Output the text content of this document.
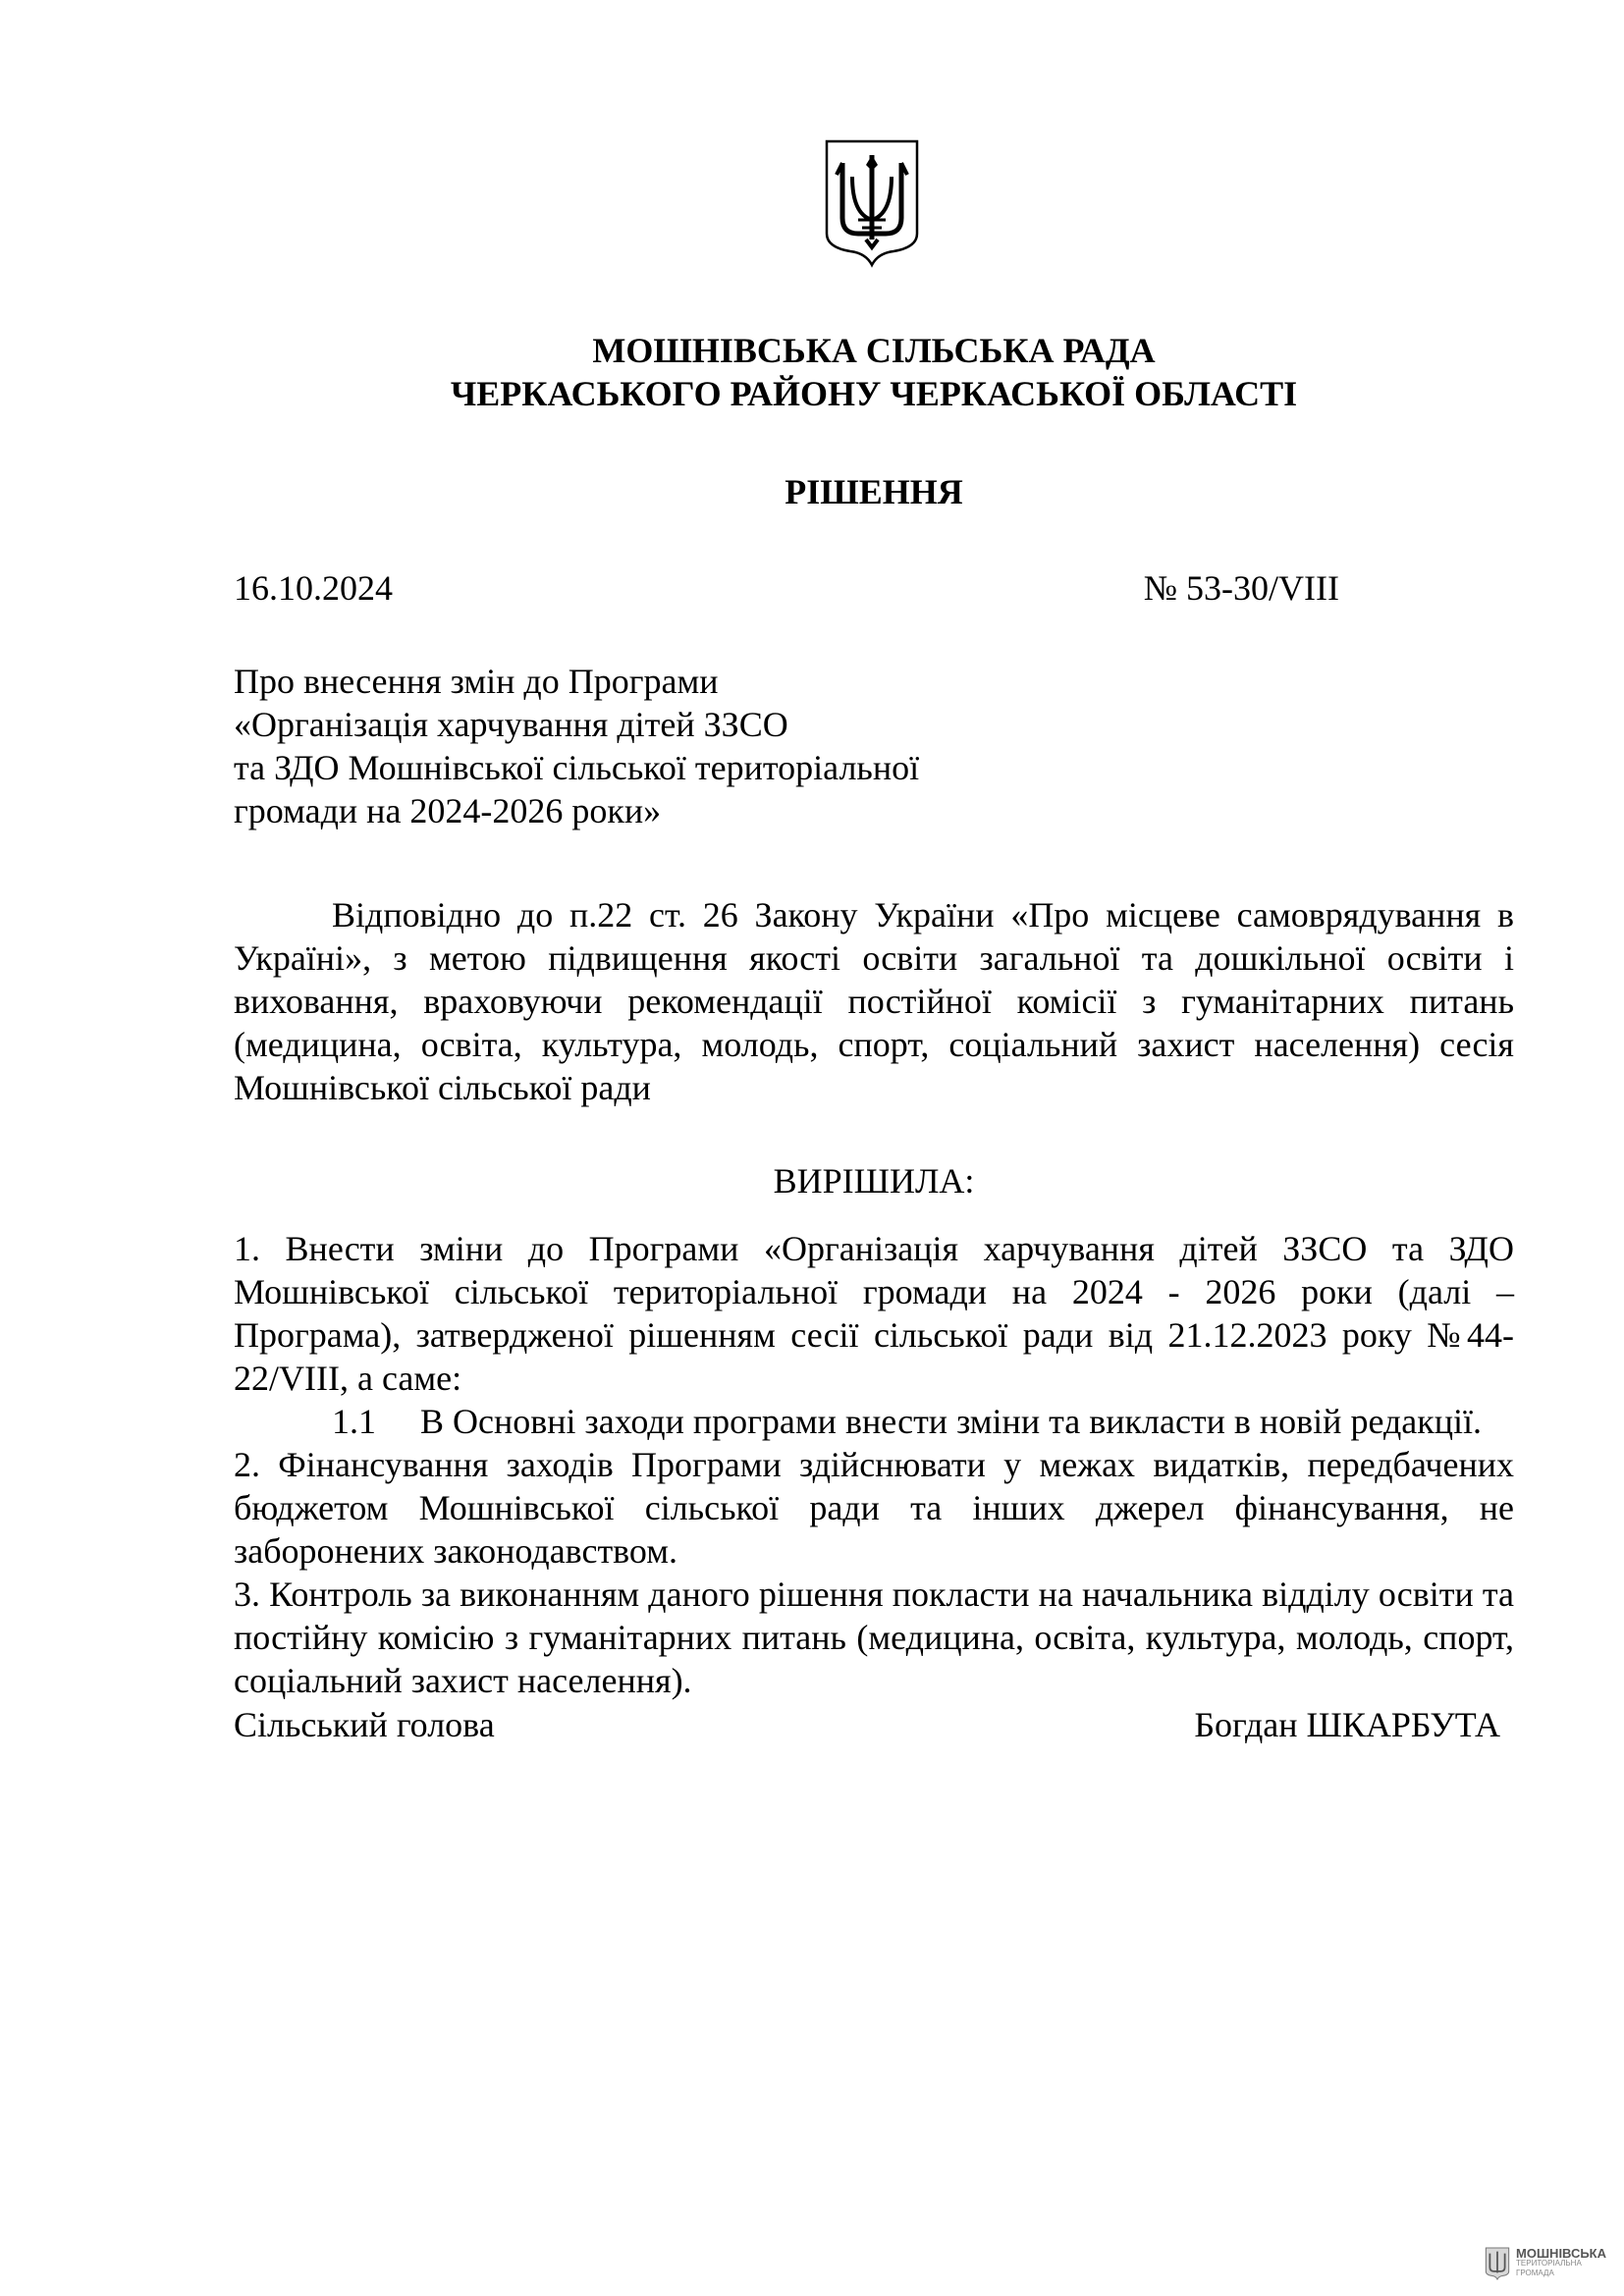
МОШНІВСЬКА СІЛЬСЬКА РАДА
ЧЕРКАСЬКОГО РАЙОНУ ЧЕРКАСЬКОЇ ОБЛАСТІ
РІШЕННЯ
16.10.2024	№ 53-30/VIII
Про внесення змін до Програми
«Організація харчування дітей ЗЗСО
та ЗДО Мошнівської сільської територіальної
громади на 2024-2026 роки»
Відповідно до п.22 ст. 26 Закону України «Про місцеве самоврядування в Україні», з метою підвищення якості освіти загальної та дошкільної освіти і виховання, враховуючи рекомендації постійної комісії з гуманітарних питань (медицина, освіта, культура, молодь, спорт, соціальний захист населення) сесія Мошнівської сільської ради
ВИРІШИЛА:
1. Внести зміни до Програми «Організація харчування дітей ЗЗСО та ЗДО Мошнівської сільської територіальної громади на 2024 - 2026 роки (далі – Програма), затвердженої рішенням сесії сільської ради від 21.12.2023 року №44-22/VIII, а саме:
1.1 В Основні заходи програми внести зміни та викласти в новій редакції.
2. Фінансування заходів Програми здійснювати у межах видатків, передбачених бюджетом Мошнівської сільської ради та інших джерел фінансування, не заборонених законодавством.
3. Контроль за виконанням даного рішення покласти на начальника відділу освіти та постійну комісію з гуманітарних питань (медицина, освіта, культура, молодь, спорт, соціальний захист населення).
Сільський голова	Богдан ШКАРБУТА
МОШНІВСЬКА
ТЕРИТОРІАЛЬНА
ГРОМАДА
